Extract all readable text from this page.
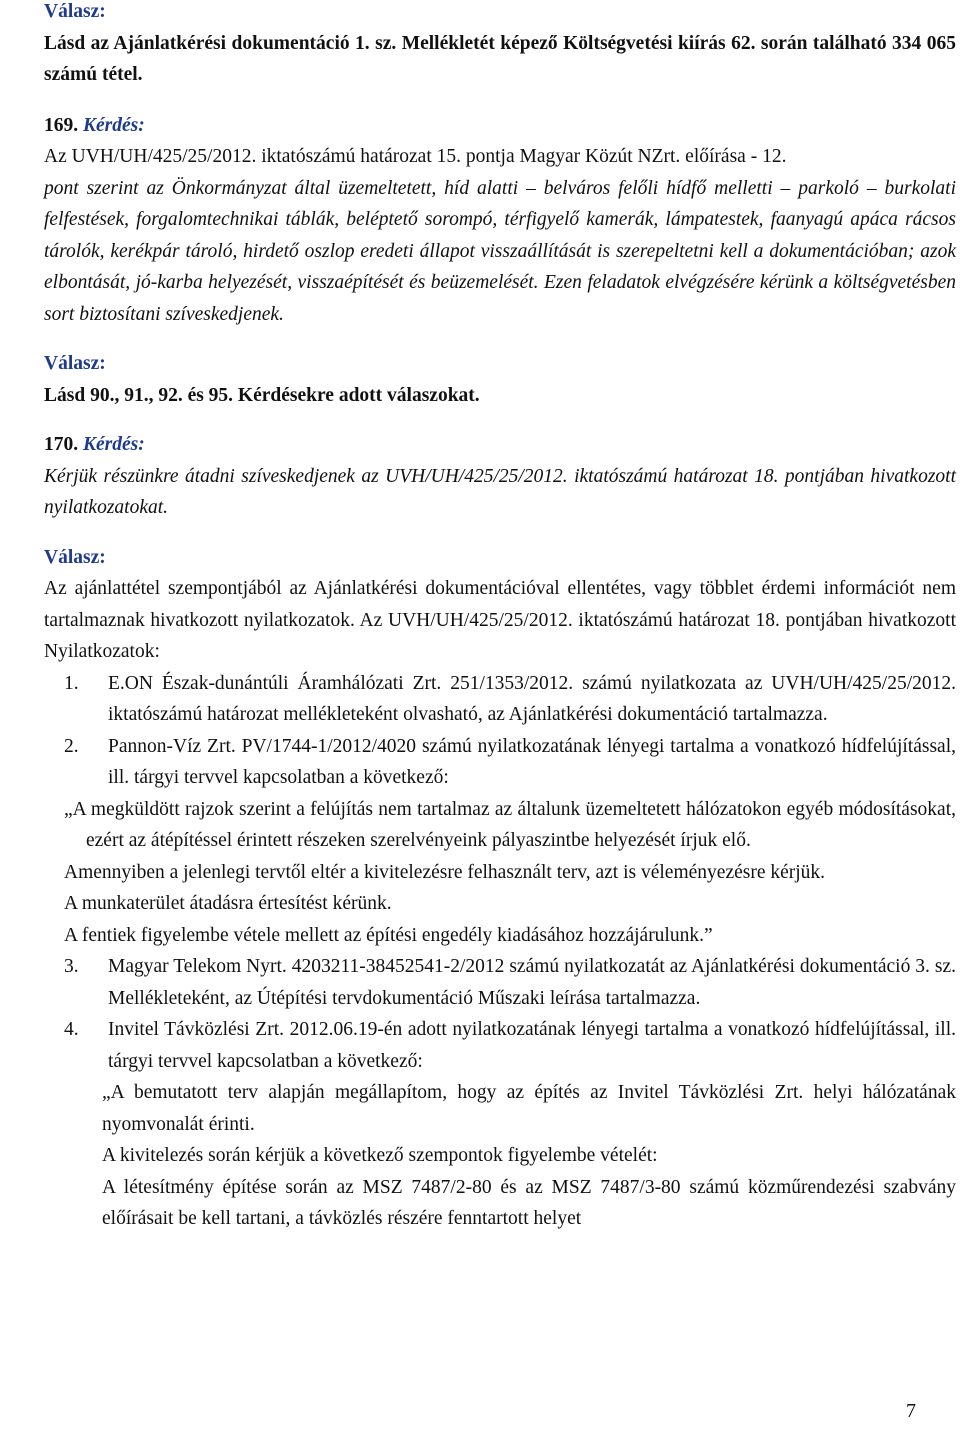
Válasz:
Lásd az Ajánlatkérési dokumentáció 1. sz. Mellékletét képező Költségvetési kiírás 62. során található 334 065 számú tétel.
169. Kérdés:
Az UVH/UH/425/25/2012. iktatószámú határozat 15. pontja Magyar Közút NZrt. előírása - 12.
pont szerint az Önkormányzat által üzemeltetett, híd alatti – belváros felőli hídfő melletti – parkoló – burkolati felfestések, forgalomtechnikai táblák, beléptető sorompó, térfigyelő kamerák, lámpatestek, faanyagú apáca rácsos tárolók, kerékpár tároló, hirdető oszlop eredeti állapot visszaállítását is szerepeltetni kell a dokumentációban; azok elbontását, jó-karba helyezését, visszaépítését és beüzemelését. Ezen feladatok elvégzésére kérünk a költségvetésben sort biztosítani szíveskedjenek.
Válasz:
Lásd 90., 91., 92. és 95. Kérdésekre adott válaszokat.
170. Kérdés:
Kérjük részünkre átadni szíveskedjenek az UVH/UH/425/25/2012. iktatószámú határozat 18. pontjában hivatkozott nyilatkozatokat.
Válasz:
Az ajánlattétel szempontjából az Ajánlatkérési dokumentációval ellentétes, vagy többlet érdemi információt nem tartalmaznak hivatkozott nyilatkozatok. Az UVH/UH/425/25/2012. iktatószámú határozat 18. pontjában hivatkozott Nyilatkozatok:
1.	E.ON Észak-dunántúli Áramhálózati Zrt. 251/1353/2012. számú nyilatkozata az UVH/UH/425/25/2012. iktatószámú határozat mellékleteként olvasható, az Ajánlatkérési dokumentáció tartalmazza.
2.	Pannon-Víz Zrt. PV/1744-1/2012/4020 számú nyilatkozatának lényegi tartalma a vonatkozó hídfelújítással, ill. tárgyi tervvel kapcsolatban a következő:
„A megküldött rajzok szerint a felújítás nem tartalmaz az általunk üzemeltetett hálózatokon egyéb módosításokat, ezért az átépítéssel érintett részeken szerelvényeink pályaszintbe helyezését írjuk elő.
Amennyiben a jelenlegi tervtől eltér a kivitelezésre felhasznált terv, azt is véleményezésre kérjük.
A munkaterület átadásra értesítést kérünk.
A fentiek figyelembe vétele mellett az építési engedély kiadásához hozzájárulunk.”
3.	Magyar Telekom Nyrt. 4203211-38452541-2/2012 számú nyilatkozatát az Ajánlatkérési dokumentáció 3. sz. Mellékleteként, az Útépítési tervdokumentáció Műszaki leírása tartalmazza.
4.	Invitel Távközlési Zrt. 2012.06.19-én adott nyilatkozatának lényegi tartalma a vonatkozó hídfelújítással, ill. tárgyi tervvel kapcsolatban a következő:
„A bemutatott terv alapján megállapítom, hogy az építés az Invitel Távközlési Zrt. helyi hálózatának nyomvonalát érinti.
A kivitelezés során kérjük a következő szempontok figyelembe vételét:
A létesítmény építése során az MSZ 7487/2-80 és az MSZ 7487/3-80 számú közműrendezési szabvány előírásait be kell tartani, a távközlés részére fenntartott helyet
7
